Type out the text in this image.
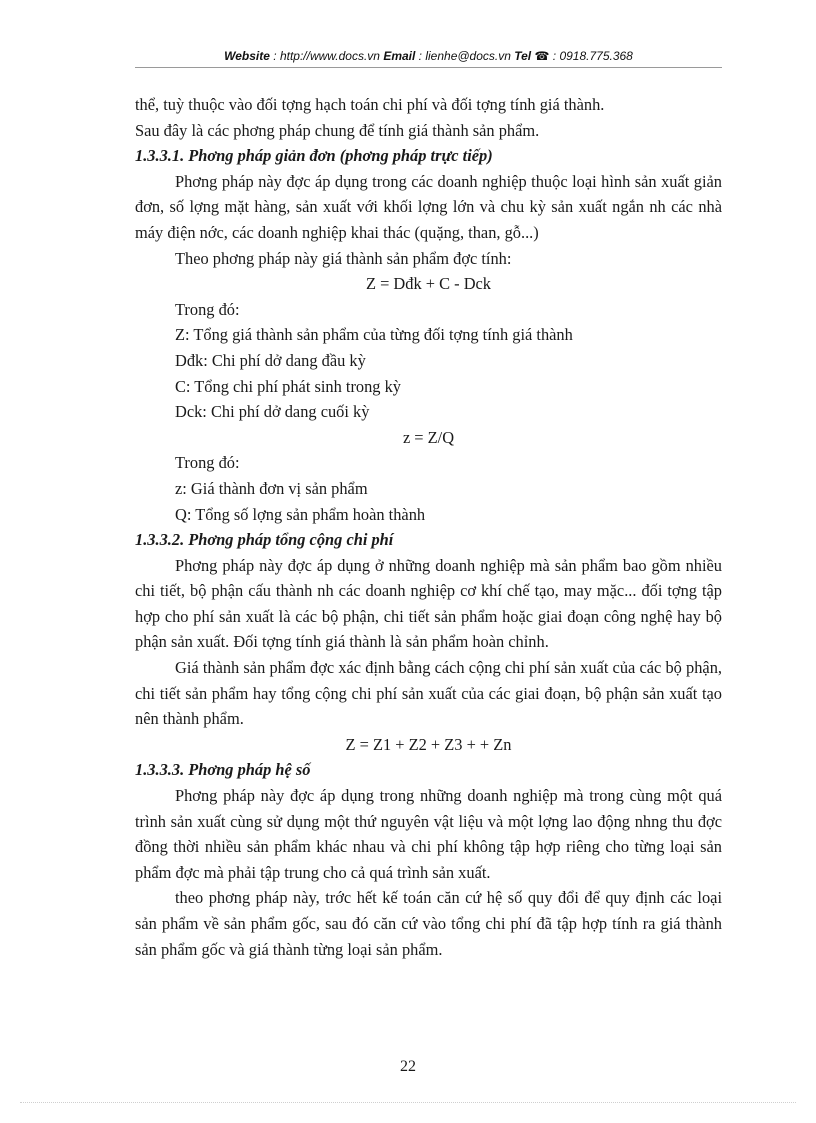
Website : http://www.docs.vn Email : lienhe@docs.vn Tel ☎ : 0918.775.368

thể, tuỳ thuộc vào đối tợng hạch toán chi phí và đối tợng tính giá thành.

Sau đây là các phơng pháp chung để tính giá thành sản phẩm.

1.3.3.1. Phơng pháp giản đơn (phơng pháp trực tiếp)

Phơng pháp này đợc áp dụng trong các doanh nghiệp thuộc loại hình sản xuất giản đơn, số lợng mặt hàng, sản xuất với khối lợng lớn và chu kỳ sản xuất ngắn nh các nhà máy điện nớc, các doanh nghiệp khai thác (quặng, than, gỗ...)

Theo phơng pháp này giá thành sản phẩm đợc tính:

Z = Dđk + C - Dck

Trong đó:

Z: Tổng giá thành sản phẩm của từng đối tợng tính giá thành

Dđk: Chi phí dở dang đầu kỳ

C: Tổng chi phí phát sinh trong kỳ

Dck: Chi phí dở dang cuối kỳ

z = Z/Q

Trong đó:

z: Giá thành đơn vị sản phẩm

Q: Tổng số lợng sản phẩm hoàn thành

1.3.3.2. Phơng pháp tổng cộng chi phí

Phơng pháp này đợc áp dụng ở những doanh nghiệp mà sản phẩm bao gồm nhiều chi tiết, bộ phận cấu thành nh các doanh nghiệp cơ khí chế tạo, may mặc... đối tợng tập hợp cho phí sản xuất là các bộ phận, chi tiết sản phẩm hoặc giai đoạn công nghệ hay bộ phận sản xuất. Đối tợng tính giá thành là sản phẩm hoàn chỉnh.

Giá thành sản phẩm đợc xác định bằng cách cộng chi phí sản xuất của các bộ phận, chi tiết sản phẩm hay tổng cộng chi phí sản xuất của các giai đoạn, bộ phận sản xuất tạo nên thành phẩm.

Z = Z1 + Z2 + Z3 + + Zn

1.3.3.3. Phơng pháp hệ số

Phơng pháp này đợc áp dụng trong những doanh nghiệp mà trong cùng một quá trình sản xuất cùng sử dụng một thứ nguyên vật liệu và một lợng lao động nhng thu đợc đồng thời nhiều sản phẩm khác nhau và chi phí không tập hợp riêng cho từng loại sản phẩm đợc mà phải tập trung cho cả quá trình sản xuất.

theo phơng pháp này, trớc hết kế toán căn cứ hệ số quy đổi để quy định các loại sản phẩm về sản phẩm gốc, sau đó căn cứ vào tổng chi phí đã tập hợp tính ra giá thành sản phẩm gốc và giá thành từng loại sản phẩm.

22
